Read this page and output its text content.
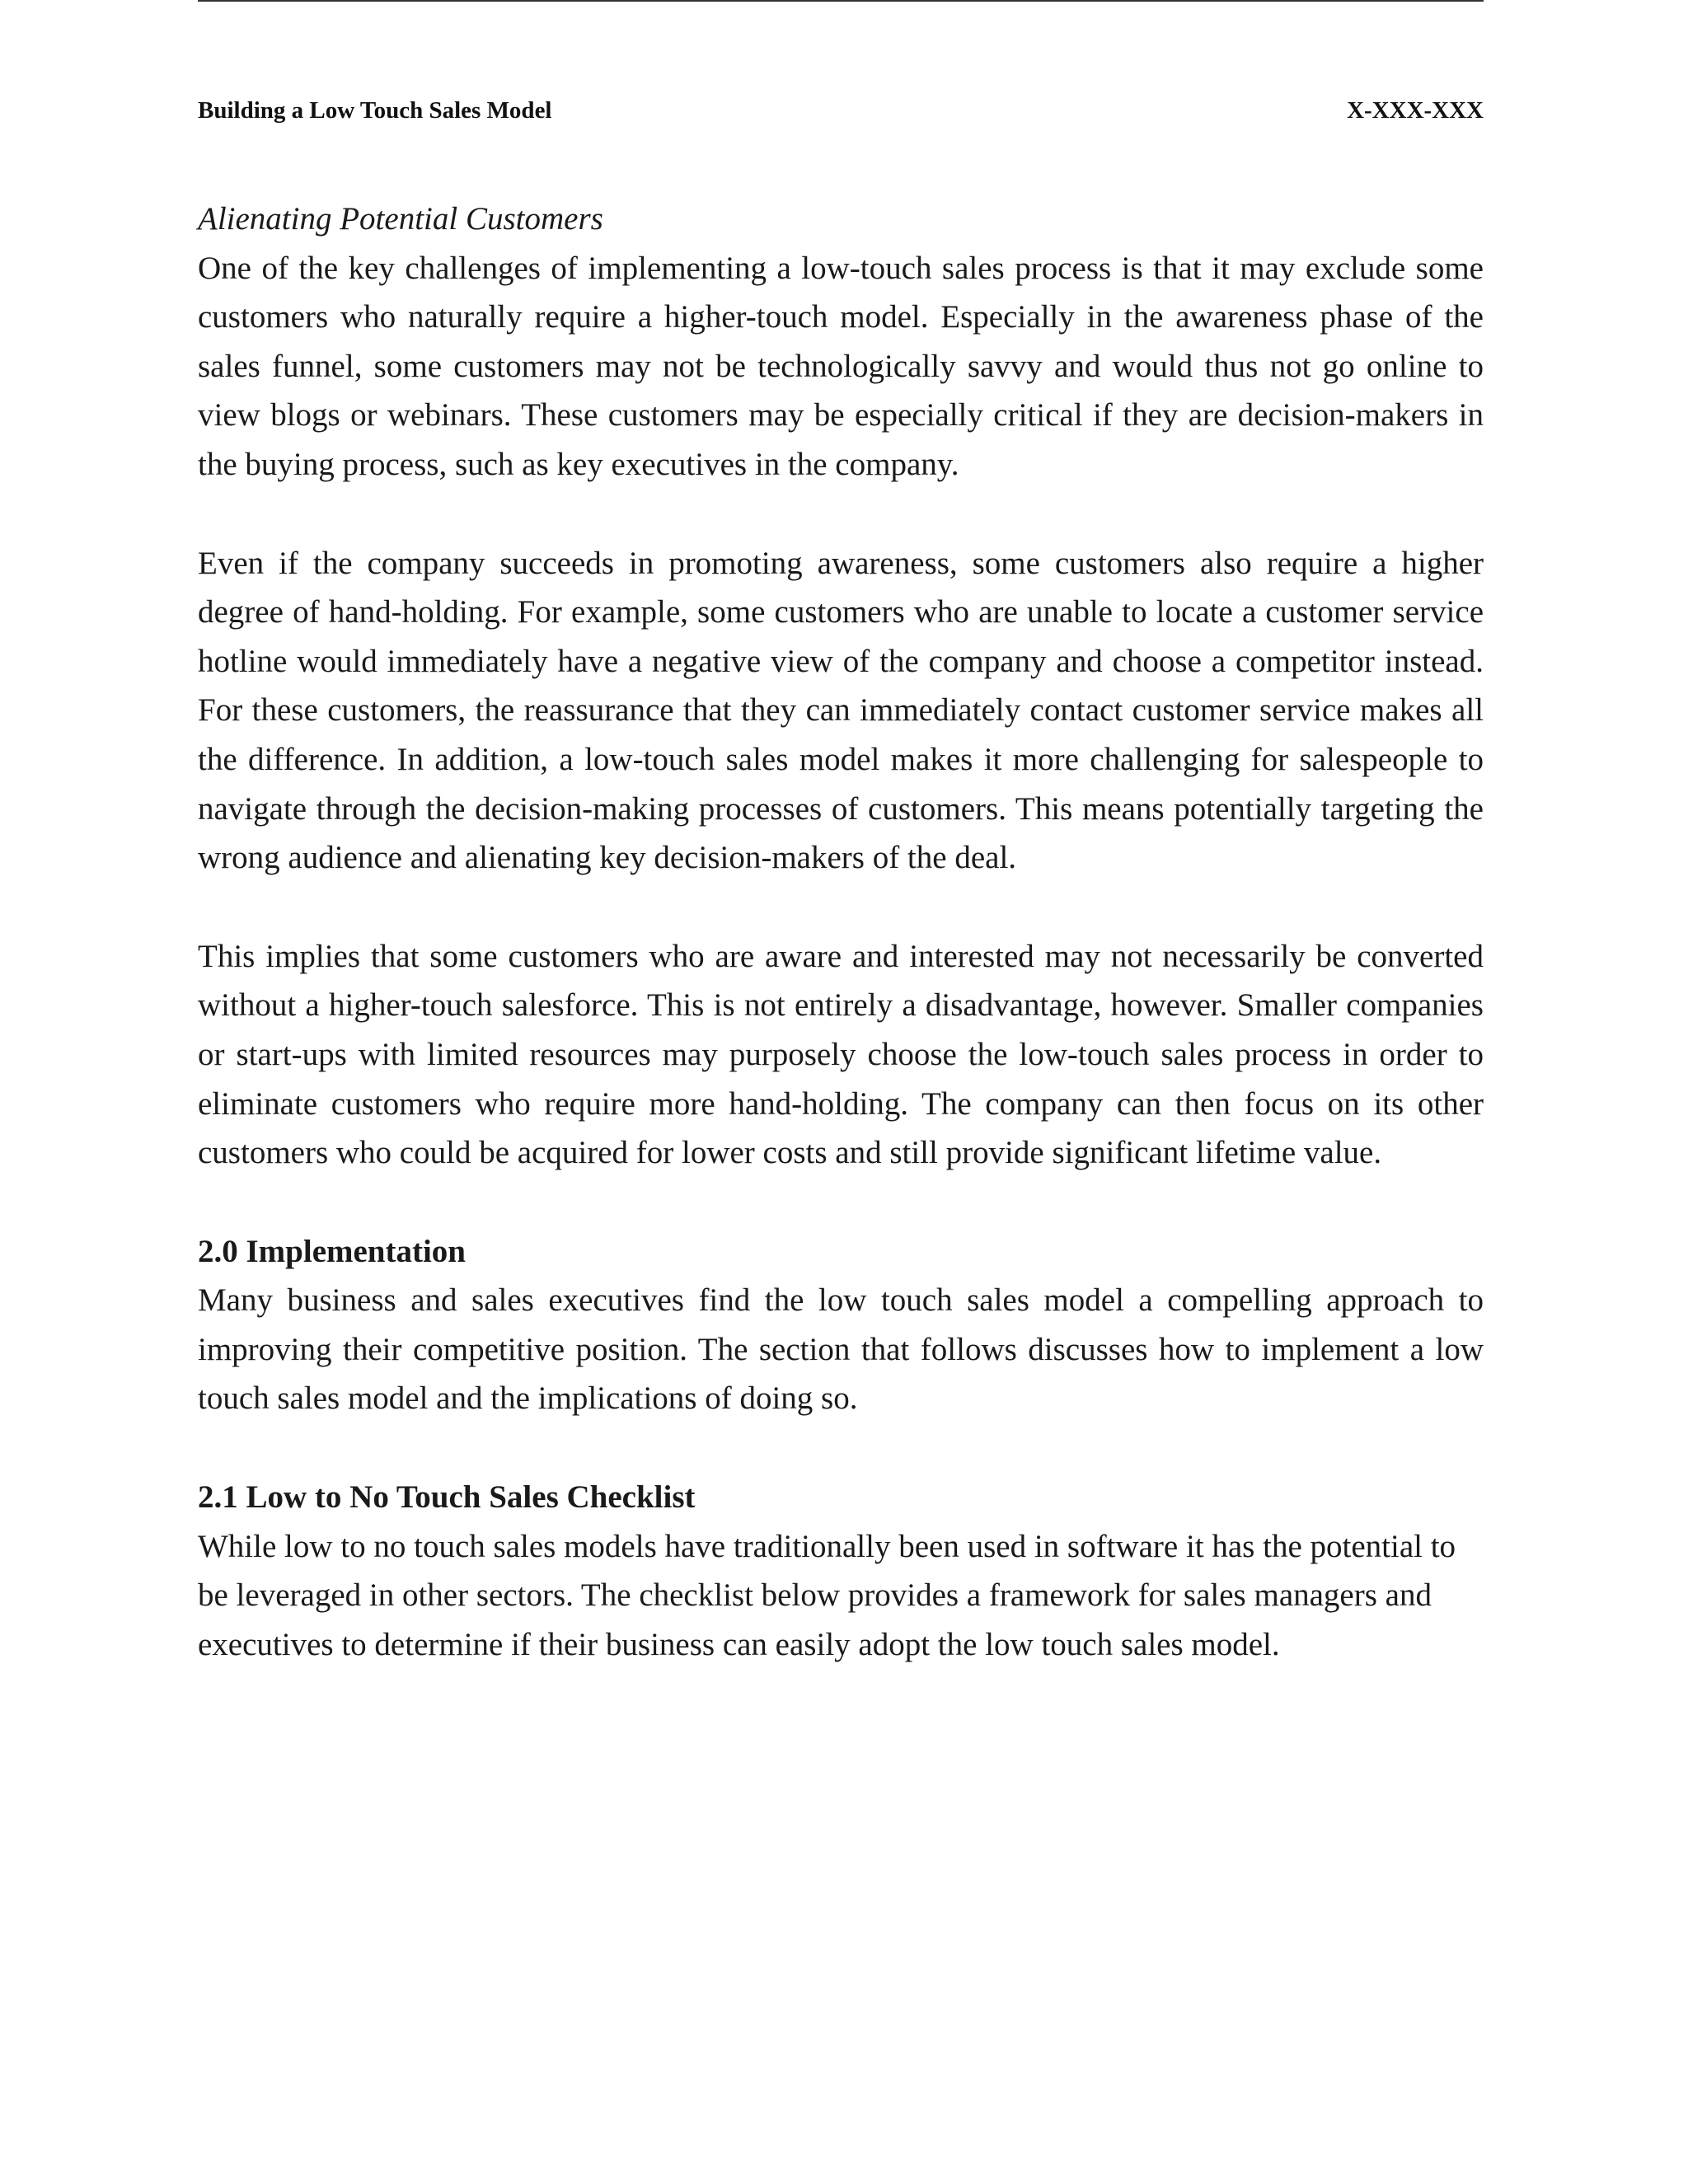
Building a Low Touch Sales Model	X-XXX-XXX

Alienating Potential Customers

One of the key challenges of implementing a low-touch sales process is that it may exclude some customers who naturally require a higher-touch model. Especially in the awareness phase of the sales funnel, some customers may not be technologically savvy and would thus not go online to view blogs or webinars. These customers may be especially critical if they are decision-makers in the buying process, such as key executives in the company.

Even if the company succeeds in promoting awareness, some customers also require a higher degree of hand-holding. For example, some customers who are unable to locate a customer service hotline would immediately have a negative view of the company and choose a competitor instead. For these customers, the reassurance that they can immediately contact customer service makes all the difference. In addition, a low-touch sales model makes it more challenging for salespeople to navigate through the decision-making processes of customers. This means potentially targeting the wrong audience and alienating key decision-makers of the deal.

This implies that some customers who are aware and interested may not necessarily be converted without a higher-touch salesforce. This is not entirely a disadvantage, however. Smaller companies or start-ups with limited resources may purposely choose the low-touch sales process in order to eliminate customers who require more hand-holding. The company can then focus on its other customers who could be acquired for lower costs and still provide significant lifetime value.

2.0 Implementation

Many business and sales executives find the low touch sales model a compelling approach to improving their competitive position. The section that follows discusses how to implement a low touch sales model and the implications of doing so.

2.1 Low to No Touch Sales Checklist

While low to no touch sales models have traditionally been used in software it has the potential to be leveraged in other sectors. The checklist below provides a framework for sales managers and executives to determine if their business can easily adopt the low touch sales model.
